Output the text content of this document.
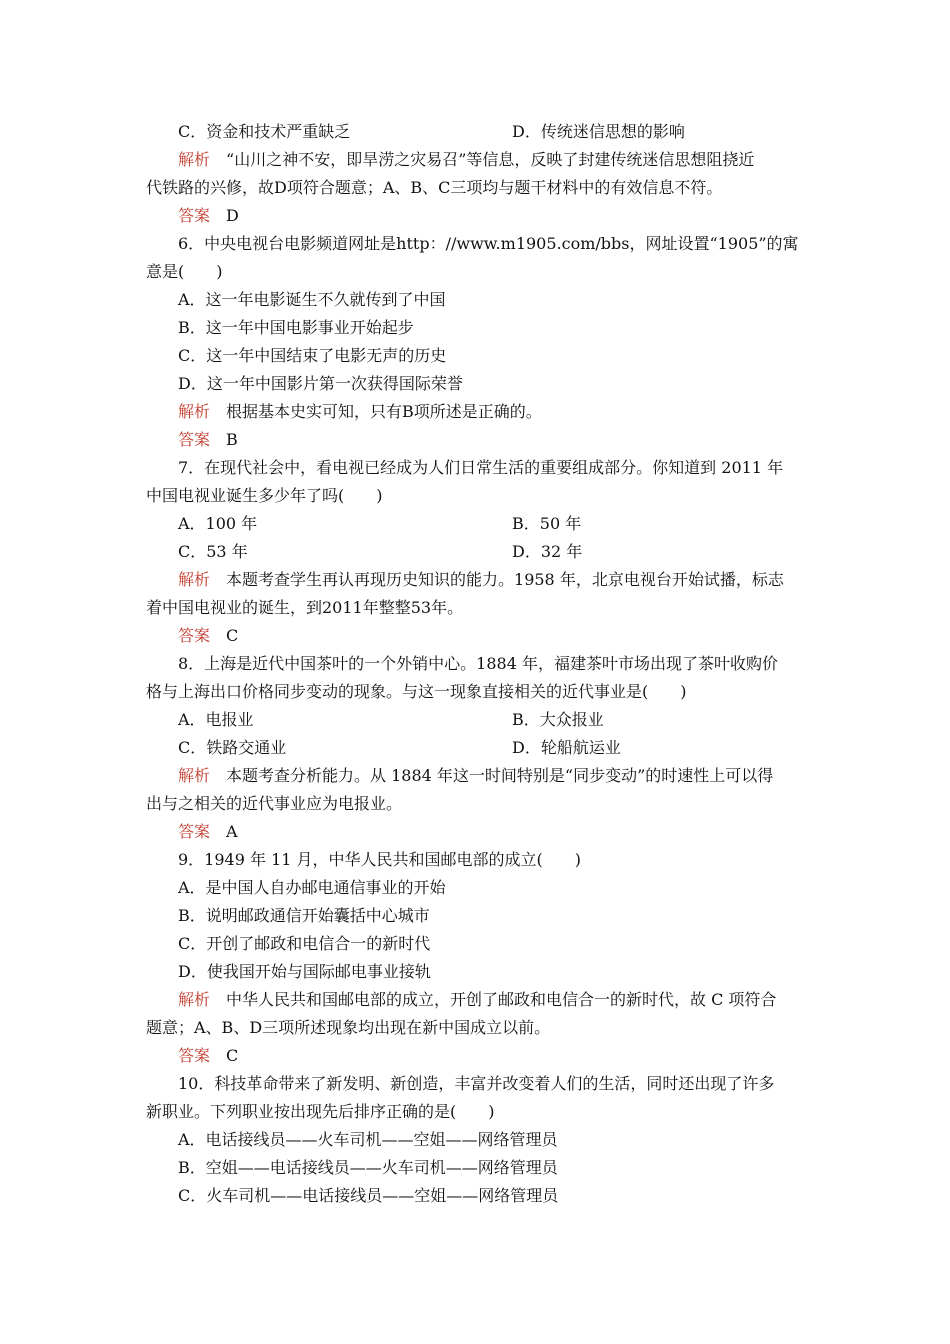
C．资金和技术严重缺乏	D．传统迷信思想的影响
解析 “山川之神不安，即旱涝之灾易召”等信息，反映了封建传统迷信思想阻挠近
代铁路的兴修，故D项符合题意；A、B、C三项均与题干材料中的有效信息不符。
答案 D
6．中央电视台电影频道网址是http：//www.m1905.com/bbs，网址设置“1905”的寓
意是(　　)
A．这一年电影诞生不久就传到了中国
B．这一年中国电影事业开始起步
C．这一年中国结束了电影无声的历史
D．这一年中国影片第一次获得国际荣誉
解析 根据基本史实可知，只有B项所述是正确的。
答案 B
7．在现代社会中，看电视已经成为人们日常生活的重要组成部分。你知道到 2011 年
中国电视业诞生多少年了吗(　　)
A．100 年	B．50 年
C．53 年	D．32 年
解析 本题考查学生再认再现历史知识的能力。1958 年，北京电视台开始试播，标志
着中国电视业的诞生，到2011年整整53年。
答案 C
8．上海是近代中国茶叶的一个外销中心。1884 年，福建茶叶市场出现了茶叶收购价
格与上海出口价格同步变动的现象。与这一现象直接相关的近代事业是(　　)
A．电报业	B．大众报业
C．铁路交通业	D．轮船航运业
解析 本题考查分析能力。从 1884 年这一时间特别是“同步变动”的时速性上可以得
出与之相关的近代事业应为电报业。
答案 A
9．1949 年 11 月，中华人民共和国邮电部的成立(　　)
A．是中国人自办邮电通信事业的开始
B．说明邮政通信开始囊括中心城市
C．开创了邮政和电信合一的新时代
D．使我国开始与国际邮电事业接轨
解析 中华人民共和国邮电部的成立，开创了邮政和电信合一的新时代，故 C 项符合
题意；A、B、D三项所述现象均出现在新中国成立以前。
答案 C
10．科技革命带来了新发明、新创造，丰富并改变着人们的生活，同时还出现了许多
新职业。下列职业按出现先后排序正确的是(　　)
A．电话接线员——火车司机——空姐——网络管理员
B．空姐——电话接线员——火车司机——网络管理员
C．火车司机——电话接线员——空姐——网络管理员
